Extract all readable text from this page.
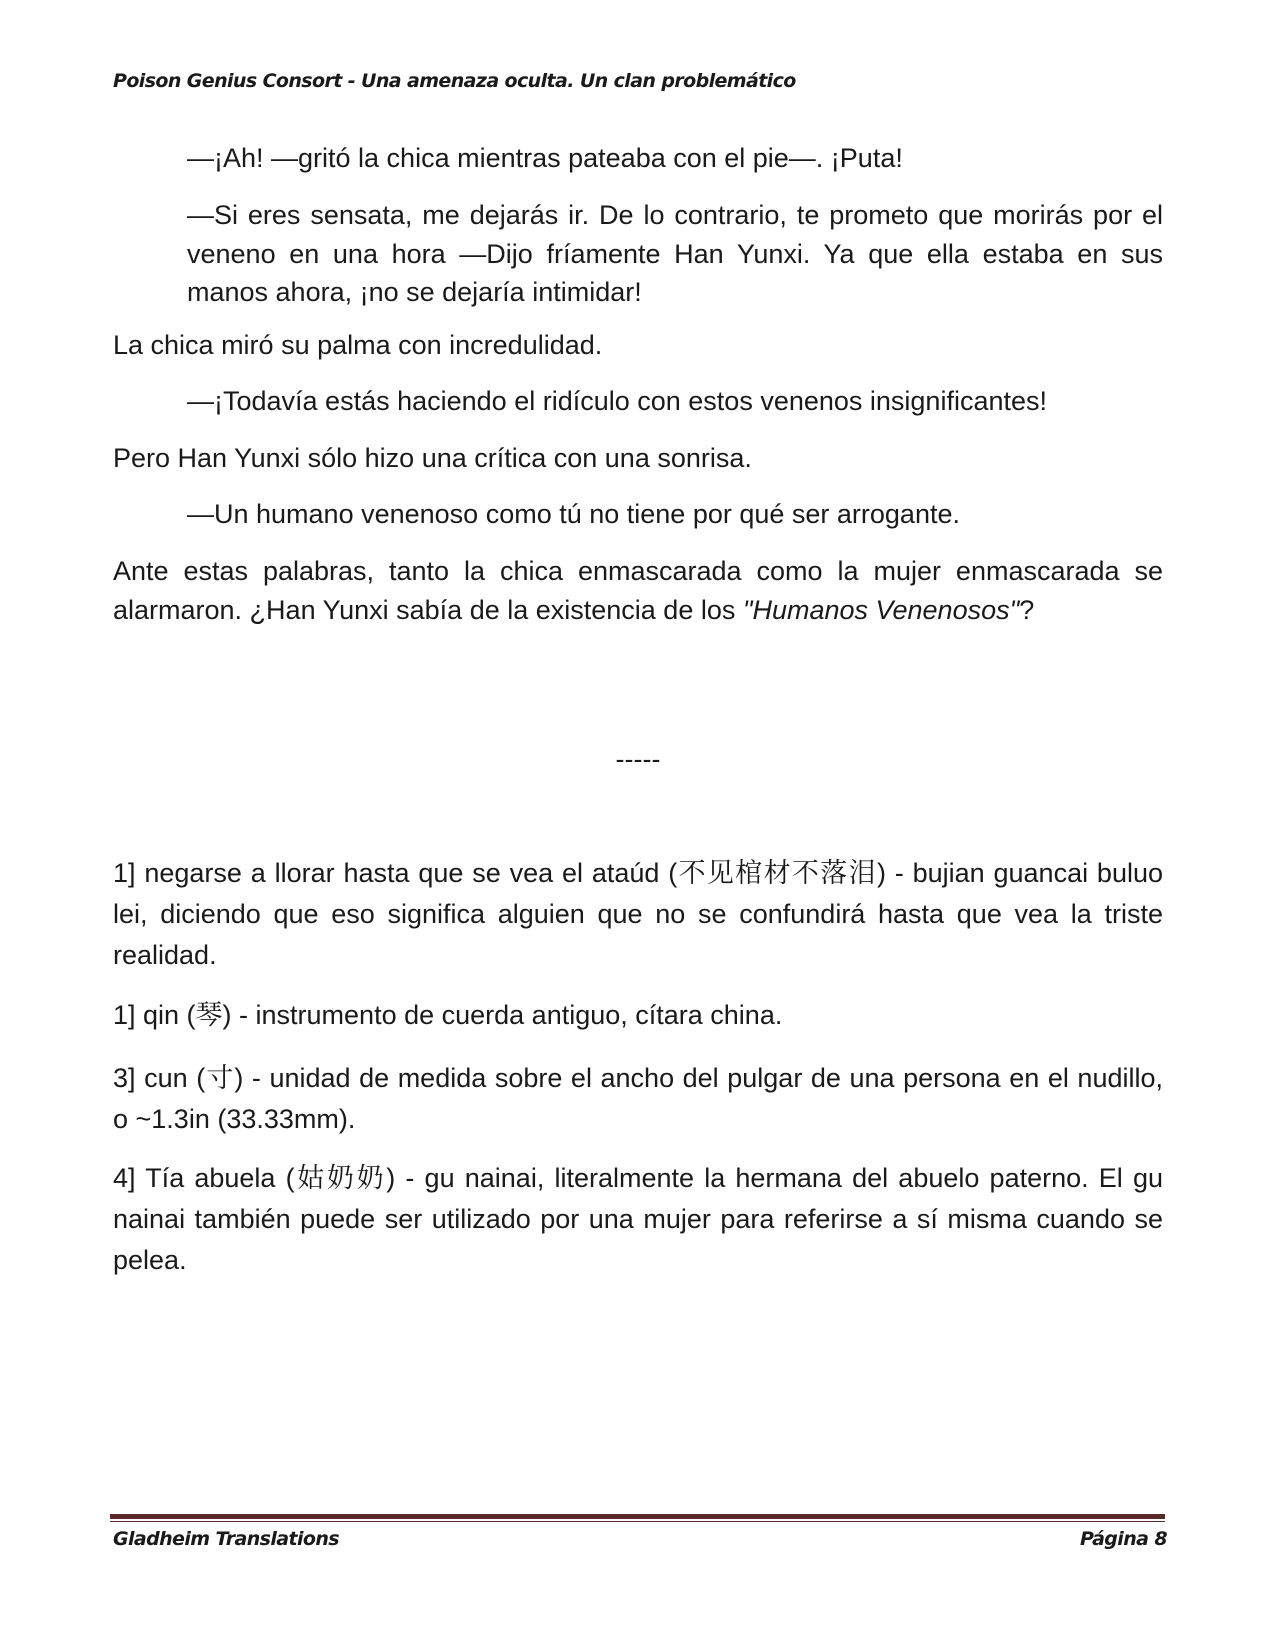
Poison Genius Consort - Una amenaza oculta. Un clan problemático

—¡Ah! —gritó la chica mientras pateaba con el pie—. ¡Puta!

—Si eres sensata, me dejarás ir. De lo contrario, te prometo que morirás por el veneno en una hora —Dijo fríamente Han Yunxi. Ya que ella estaba en sus manos ahora, ¡no se dejaría intimidar!

La chica miró su palma con incredulidad.

—¡Todavía estás haciendo el ridículo con estos venenos insignificantes!

Pero Han Yunxi sólo hizo una crítica con una sonrisa.

—Un humano venenoso como tú no tiene por qué ser arrogante.

Ante estas palabras, tanto la chica enmascarada como la mujer enmascarada se alarmaron. ¿Han Yunxi sabía de la existencia de los "Humanos Venenosos"?

-----

1] negarse a llorar hasta que se vea el ataúd (不见棺材不落泪) - bujian guancai buluo lei, diciendo que eso significa alguien que no se confundirá hasta que vea la triste realidad.

1] qin (琴) - instrumento de cuerda antiguo, cítara china.

3] cun (寸) - unidad de medida sobre el ancho del pulgar de una persona en el nudillo, o ~1.3in (33.33mm).

4] Tía abuela (姑奶奶) - gu nainai, literalmente la hermana del abuelo paterno. El gu nainai también puede ser utilizado por una mujer para referirse a sí misma cuando se pelea.

Gladheim Translations	Página 8
